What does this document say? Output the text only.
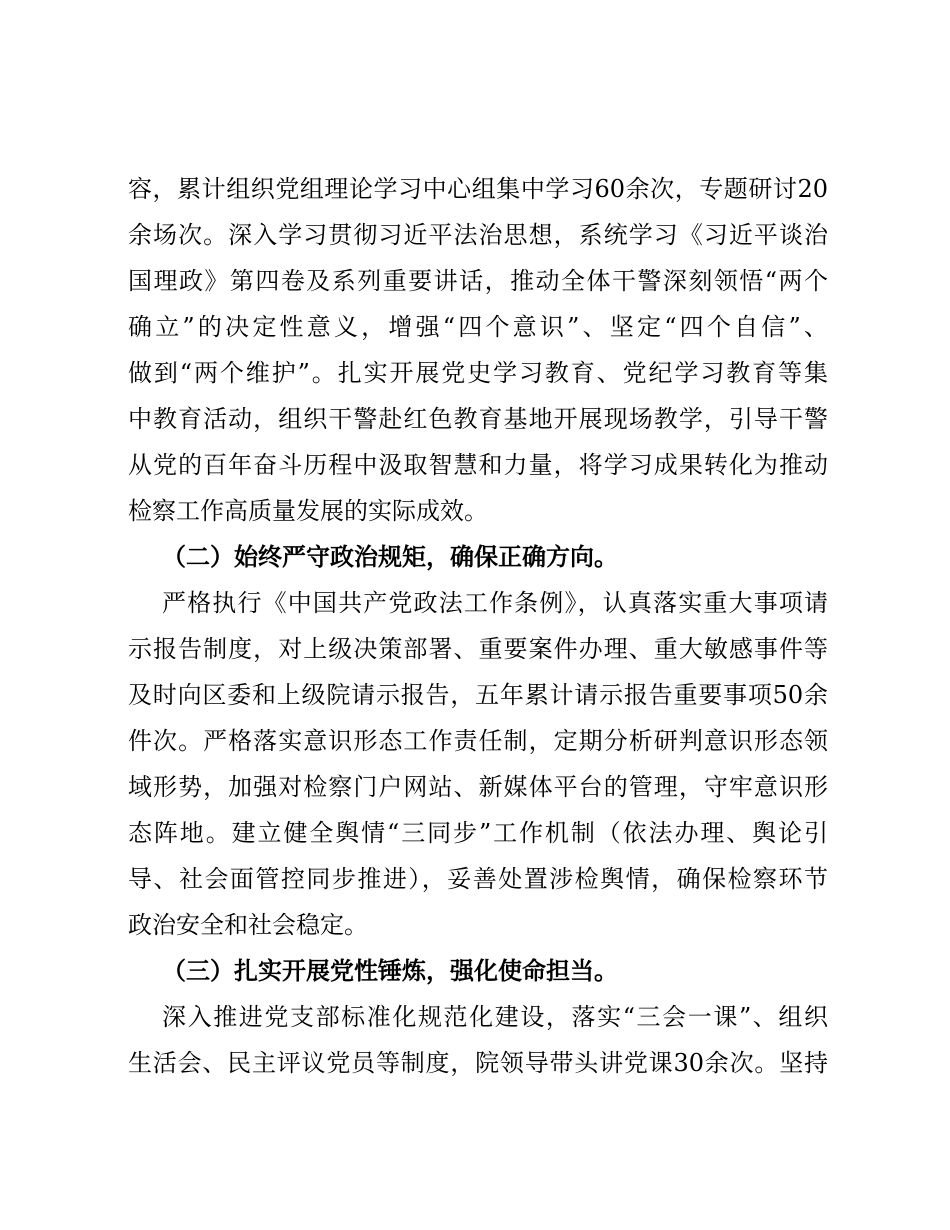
容，累计组织党组理论学习中心组集中学习60余次，专题研讨20
余场次。深入学习贯彻习近平法治思想，系统学习《习近平谈治
国理政》第四卷及系列重要讲话，推动全体干警深刻领悟“两个
确立”的决定性意义，增强“四个意识”、坚定“四个自信”、
做到“两个维护”。扎实开展党史学习教育、党纪学习教育等集
中教育活动，组织干警赴红色教育基地开展现场教学，引导干警
从党的百年奋斗历程中汲取智慧和力量，将学习成果转化为推动
检察工作高质量发展的实际成效。
（二）始终严守政治规矩，确保正确方向。
严格执行《中国共产党政法工作条例》，认真落实重大事项请
示报告制度，对上级决策部署、重要案件办理、重大敏感事件等
及时向区委和上级院请示报告，五年累计请示报告重要事项50余
件次。严格落实意识形态工作责任制，定期分析研判意识形态领
域形势，加强对检察门户网站、新媒体平台的管理，守牢意识形
态阵地。建立健全舆情“三同步”工作机制（依法办理、舆论引
导、社会面管控同步推进），妥善处置涉检舆情，确保检察环节
政治安全和社会稳定。
（三）扎实开展党性锤炼，强化使命担当。
深入推进党支部标准化规范化建设，落实“三会一课”、组织
生活会、民主评议党员等制度，院领导带头讲党课30余次。坚持
